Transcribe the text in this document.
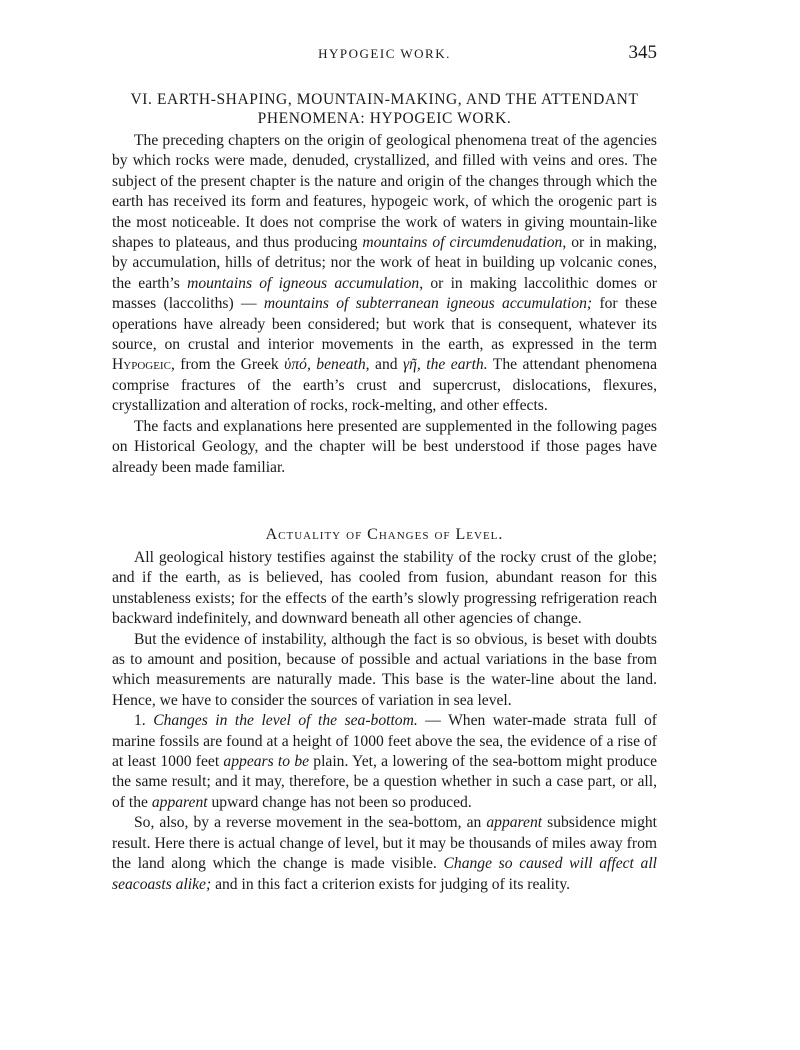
HYPOGEIC WORK.	345
VI. EARTH-SHAPING, MOUNTAIN-MAKING, AND THE ATTENDANT
PHENOMENA: HYPOGEIC WORK.

The preceding chapters on the origin of geological phenomena treat of the agencies by which rocks were made, denuded, crystallized, and filled with veins and ores. The subject of the present chapter is the nature and origin of the changes through which the earth has received its form and features, hypogeic work, of which the orogenic part is the most noticeable. It does not comprise the work of waters in giving mountain-like shapes to plateaus, and thus producing mountains of circumdenudation, or in making, by accumulation, hills of detritus; nor the work of heat in building up volcanic cones, the earth’s mountains of igneous accumulation, or in making laccolithic domes or masses (laccoliths) — mountains of subterranean igneous accumulation; for these operations have already been considered; but work that is consequent, whatever its source, on crustal and interior movements in the earth, as expressed in the term Hypogeic, from the Greek ὑπό, beneath, and γῆ, the earth. The attendant phenomena comprise fractures of the earth’s crust and supercrust, dislocations, flexures, crystallization and alteration of rocks, rock-melting, and other effects.

The facts and explanations here presented are supplemented in the following pages on Historical Geology, and the chapter will be best understood if those pages have already been made familiar.

Actuality of Changes of Level.

All geological history testifies against the stability of the rocky crust of the globe; and if the earth, as is believed, has cooled from fusion, abundant reason for this unstableness exists; for the effects of the earth’s slowly progressing refrigeration reach backward indefinitely, and downward beneath all other agencies of change.

But the evidence of instability, although the fact is so obvious, is beset with doubts as to amount and position, because of possible and actual variations in the base from which measurements are naturally made. This base is the water-line about the land. Hence, we have to consider the sources of variation in sea level.

1. Changes in the level of the sea-bottom. — When water-made strata full of marine fossils are found at a height of 1000 feet above the sea, the evidence of a rise of at least 1000 feet appears to be plain. Yet, a lowering of the sea-bottom might produce the same result; and it may, therefore, be a question whether in such a case part, or all, of the apparent upward change has not been so produced.

So, also, by a reverse movement in the sea-bottom, an apparent subsidence might result. Here there is actual change of level, but it may be thousands of miles away from the land along which the change is made visible. Change so caused will affect all seacoasts alike; and in this fact a criterion exists for judging of its reality.
